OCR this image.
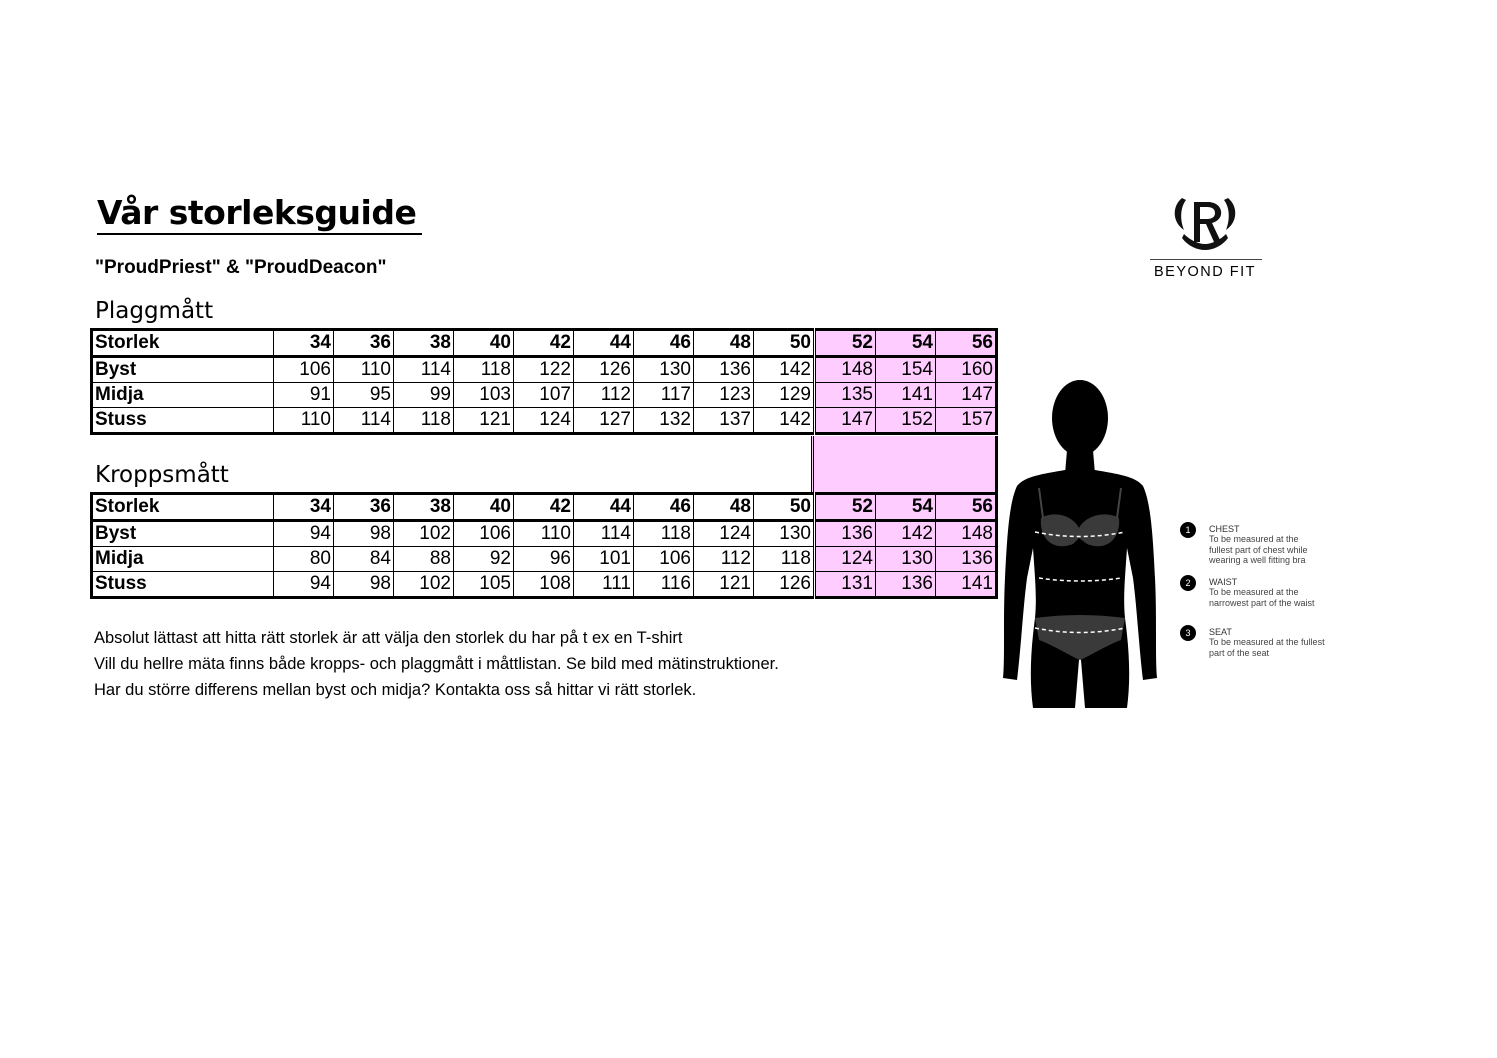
Vår storleksguide
"ProudPriest" & "ProudDeacon"	BEYOND FIT
Plaggmått
Storlek	34	36	38	40	42	44	46	48	50	52	54	56
Byst	106	110	114	118	122	126	130	136	142	148	154	160
Midja	91	95	99	103	107	112	117	123	129	135	141	147
Stuss	110	114	118	121	124	127	132	137	142	147	152	157
Kroppsmått
Storlek	34	36	38	40	42	44	46	48	50	52	54	56
Byst	94	98	102	106	110	114	118	124	130	136	142	148
Midja	80	84	88	92	96	101	106	112	118	124	130	136
Stuss	94	98	102	105	108	111	116	121	126	131	136	141
Absolut lättast att hitta rätt storlek är att välja den storlek du har på t ex en T-shirt
Vill du hellre mäta finns både kropps- och plaggmått i måttlistan. Se bild med mätinstruktioner.
Har du större differens mellan byst och midja? Kontakta oss så hittar vi rätt storlek.
1	CHEST
To be measured at the
fullest part of chest while
wearing a well fitting bra
2	WAIST
To be measured at the
narrowest part of the waist
3	SEAT
To be measured at the fullest
part of the seat
